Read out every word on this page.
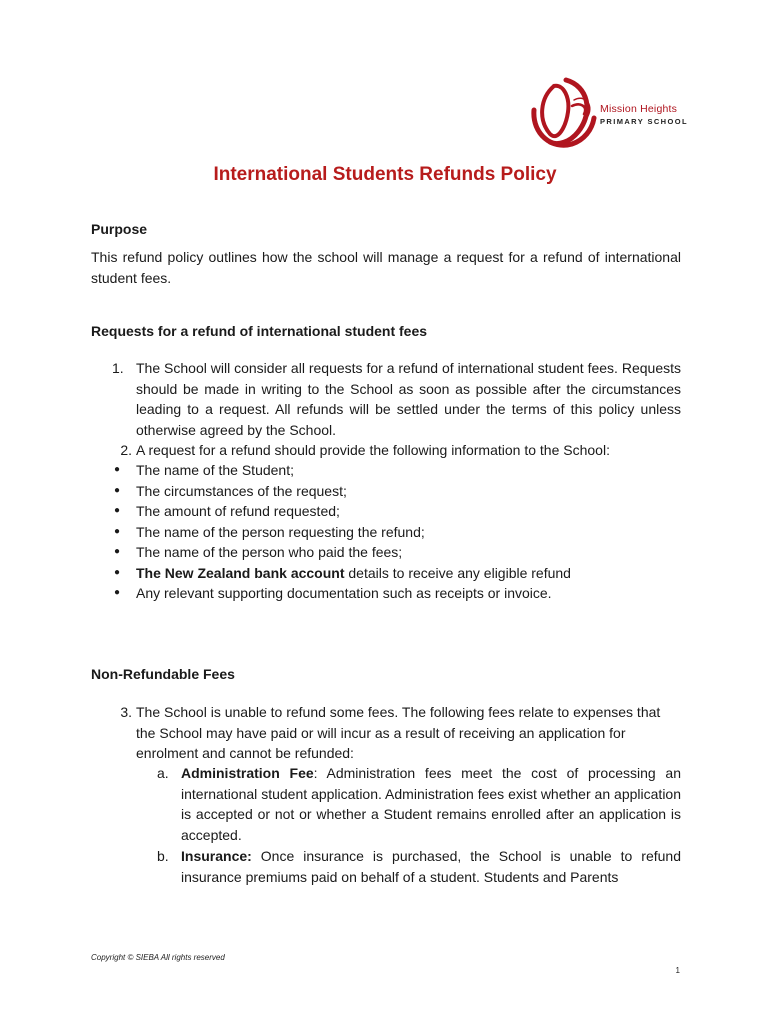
Mission Heights
PRIMARY SCHOOL
International Students Refunds Policy
Purpose
This refund policy outlines how the school will manage a request for a refund of international student fees.
Requests for a refund of international student fees
1. The School will consider all requests for a refund of international student fees. Requests should be made in writing to the School as soon as possible after the circumstances leading to a request. All refunds will be settled under the terms of this policy unless otherwise agreed by the School.
2. A request for a refund should provide the following information to the School:
● The name of the Student;
● The circumstances of the request;
● The amount of refund requested;
● The name of the person requesting the refund;
● The name of the person who paid the fees;
● The New Zealand bank account details to receive any eligible refund
● Any relevant supporting documentation such as receipts or invoice.
Non-Refundable Fees
3. The School is unable to refund some fees. The following fees relate to expenses that the School may have paid or will incur as a result of receiving an application for enrolment and cannot be refunded:
a. Administration Fee: Administration fees meet the cost of processing an international student application. Administration fees exist whether an application is accepted or not or whether a Student remains enrolled after an application is accepted.
b. Insurance: Once insurance is purchased, the School is unable to refund insurance premiums paid on behalf of a student. Students and Parents
Copyright © SIEBA All rights reserved
1
